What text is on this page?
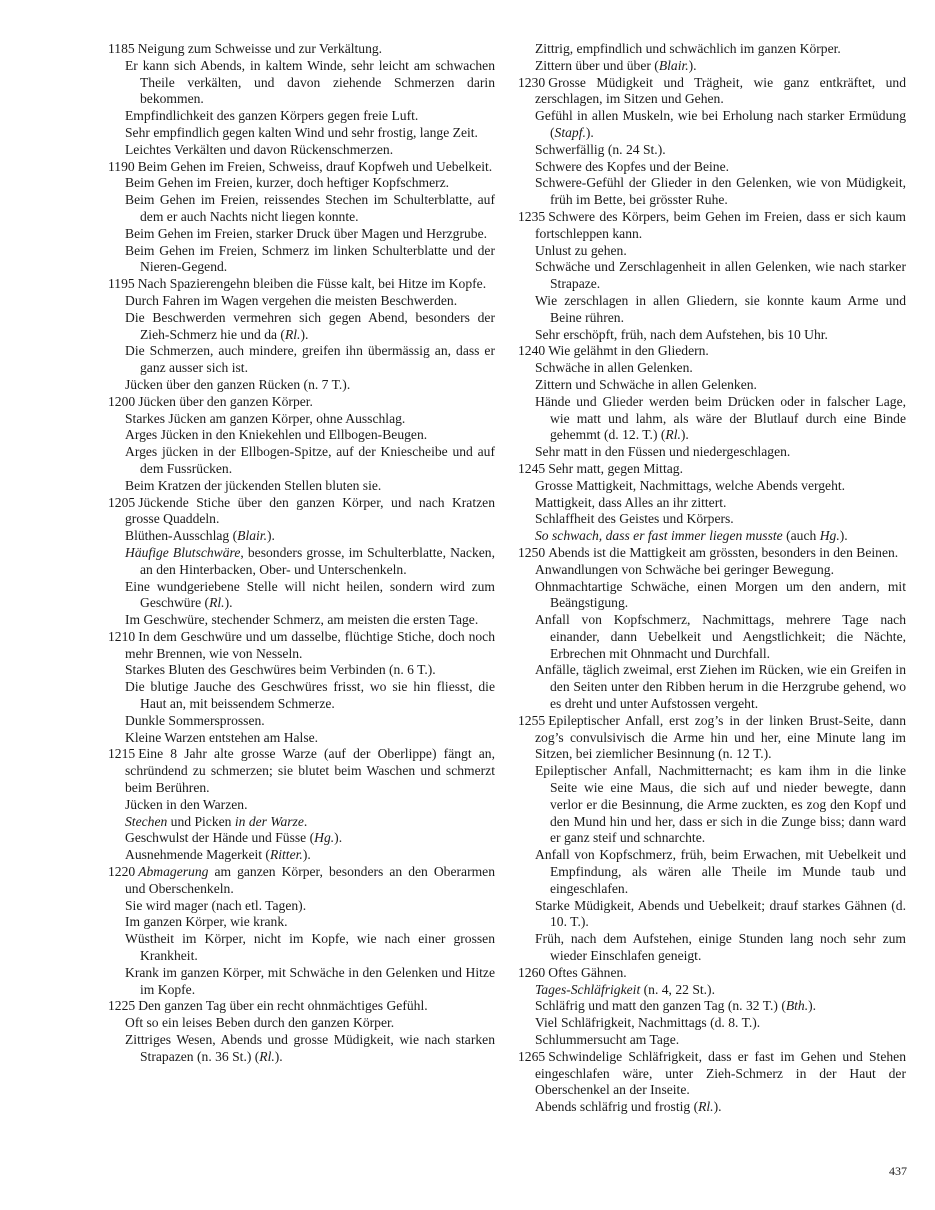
1185 Neigung zum Schweisse und zur Verkältung.
Er kann sich Abends, in kaltem Winde, sehr leicht am schwachen Theile verkälten, und davon ziehende Schmerzen darin bekommen.
Empfindlichkeit des ganzen Körpers gegen freie Luft.
Sehr empfindlich gegen kalten Wind und sehr frostig, lange Zeit.
Leichtes Verkälten und davon Rückenschmerzen.
1190 Beim Gehen im Freien, Schweiss, drauf Kopfweh und Uebelkeit.
Beim Gehen im Freien, kurzer, doch heftiger Kopfschmerz.
Beim Gehen im Freien, reissendes Stechen im Schulterblatte, auf dem er auch Nachts nicht liegen konnte.
Beim Gehen im Freien, starker Druck über Magen und Herzgrube.
Beim Gehen im Freien, Schmerz im linken Schulterblatte und der Nieren-Gegend.
1195 Nach Spazierengehn bleiben die Füsse kalt, bei Hitze im Kopfe.
Durch Fahren im Wagen vergehen die meisten Beschwerden.
Die Beschwerden vermehren sich gegen Abend, besonders der Zieh-Schmerz hie und da (Rl.).
Die Schmerzen, auch mindere, greifen ihn übermässig an, dass er ganz ausser sich ist.
Jücken über den ganzen Rücken (n. 7 T.).
1200 Jücken über den ganzen Körper.
Starkes Jücken am ganzen Körper, ohne Ausschlag.
Arges Jücken in den Kniekehlen und Ellbogen-Beugen.
Arges jücken in der Ellbogen-Spitze, auf der Kniescheibe und auf dem Fussrücken.
Beim Kratzen der jückenden Stellen bluten sie.
1205 Jückende Stiche über den ganzen Körper, und nach Kratzen grosse Quaddeln.
Blüthen-Ausschlag (Blair.).
Häufige Blutschwäre, besonders grosse, im Schulterblatte, Nacken, an den Hinterbacken, Ober- und Unterschenkeln.
Eine wundgeriebene Stelle will nicht heilen, sondern wird zum Geschwüre (Rl.).
Im Geschwüre, stechender Schmerz, am meisten die ersten Tage.
1210 In dem Geschwüre und um dasselbe, flüchtige Stiche, doch noch mehr Brennen, wie von Nesseln.
Starkes Bluten des Geschwüres beim Verbinden (n. 6 T.).
Die blutige Jauche des Geschwüres frisst, wo sie hin fliesst, die Haut an, mit beissendem Schmerze.
Dunkle Sommersprossen.
Kleine Warzen entstehen am Halse.
1215 Eine 8 Jahr alte grosse Warze (auf der Oberlippe) fängt an, schründend zu schmerzen; sie blutet beim Waschen und schmerzt beim Berühren.
Jücken in den Warzen.
Stechen und Picken in der Warze.
Geschwulst der Hände und Füsse (Hg.).
Ausnehmende Magerkeit (Ritter.).
1220 Abmagerung am ganzen Körper, besonders an den Oberarmen und Oberschenkeln.
Sie wird mager (nach etl. Tagen).
Im ganzen Körper, wie krank.
Wüstheit im Körper, nicht im Kopfe, wie nach einer grossen Krankheit.
Krank im ganzen Körper, mit Schwäche in den Gelenken und Hitze im Kopfe.
1225 Den ganzen Tag über ein recht ohnmächtiges Gefühl.
Oft so ein leises Beben durch den ganzen Körper.
Zittriges Wesen, Abends und grosse Müdigkeit, wie nach starken Strapazen (n. 36 St.) (Rl.).
Zittrig, empfindlich und schwächlich im ganzen Körper.
Zittern über und über (Blair.).
1230 Grosse Müdigkeit und Trägheit, wie ganz entkräftet, und zerschlagen, im Sitzen und Gehen.
Gefühl in allen Muskeln, wie bei Erholung nach starker Ermüdung (Stapf.).
Schwerfällig (n. 24 St.).
Schwere des Kopfes und der Beine.
Schwere-Gefühl der Glieder in den Gelenken, wie von Müdigkeit, früh im Bette, bei grösster Ruhe.
1235 Schwere des Körpers, beim Gehen im Freien, dass er sich kaum fortschleppen kann.
Unlust zu gehen.
Schwäche und Zerschlagenheit in allen Gelenken, wie nach starker Strapaze.
Wie zerschlagen in allen Gliedern, sie konnte kaum Arme und Beine rühren.
Sehr erschöpft, früh, nach dem Aufstehen, bis 10 Uhr.
1240 Wie gelähmt in den Gliedern.
Schwäche in allen Gelenken.
Zittern und Schwäche in allen Gelenken.
Hände und Glieder werden beim Drücken oder in falscher Lage, wie matt und lahm, als wäre der Blutlauf durch eine Binde gehemmt (d. 12. T.) (Rl.).
Sehr matt in den Füssen und niedergeschlagen.
1245 Sehr matt, gegen Mittag.
Grosse Mattigkeit, Nachmittags, welche Abends vergeht.
Mattigkeit, dass Alles an ihr zittert.
Schlaffheit des Geistes und Körpers.
So schwach, dass er fast immer liegen musste (auch Hg.).
1250 Abends ist die Mattigkeit am grössten, besonders in den Beinen.
Anwandlungen von Schwäche bei geringer Bewegung.
Ohnmachtartige Schwäche, einen Morgen um den andern, mit Beängstigung.
Anfall von Kopfschmerz, Nachmittags, mehrere Tage nach einander, dann Uebelkeit und Aengstlichkeit; die Nächte, Erbrechen mit Ohnmacht und Durchfall.
Anfälle, täglich zweimal, erst Ziehen im Rücken, wie ein Greifen in den Seiten unter den Ribben herum in die Herzgrube gehend, wo es dreht und unter Aufstossen vergeht.
1255 Epileptischer Anfall, erst zog’s in der linken Brust-Seite, dann zog’s convulsivisch die Arme hin und her, eine Minute lang im Sitzen, bei ziemlicher Besinnung (n. 12 T.).
Epileptischer Anfall, Nachmitternacht; es kam ihm in die linke Seite wie eine Maus, die sich auf und nieder bewegte, dann verlor er die Besinnung, die Arme zuckten, es zog den Kopf und den Mund hin und her, dass er sich in die Zunge biss; dann ward er ganz steif und schnarchte.
Anfall von Kopfschmerz, früh, beim Erwachen, mit Uebelkeit und Empfindung, als wären alle Theile im Munde taub und eingeschlafen.
Starke Müdigkeit, Abends und Uebelkeit; drauf starkes Gähnen (d. 10. T.).
Früh, nach dem Aufstehen, einige Stunden lang noch sehr zum wieder Einschlafen geneigt.
1260 Oftes Gähnen.
Tages-Schläfrigkeit (n. 4, 22 St.).
Schläfrig und matt den ganzen Tag (n. 32 T.) (Bth.).
Viel Schläfrigkeit, Nachmittags (d. 8. T.).
Schlummersucht am Tage.
1265 Schwindelige Schläfrigkeit, dass er fast im Gehen und Stehen eingeschlafen wäre, unter Zieh-Schmerz in der Haut der Oberschenkel an der Inseite.
Abends schläfrig und frostig (Rl.).
437
